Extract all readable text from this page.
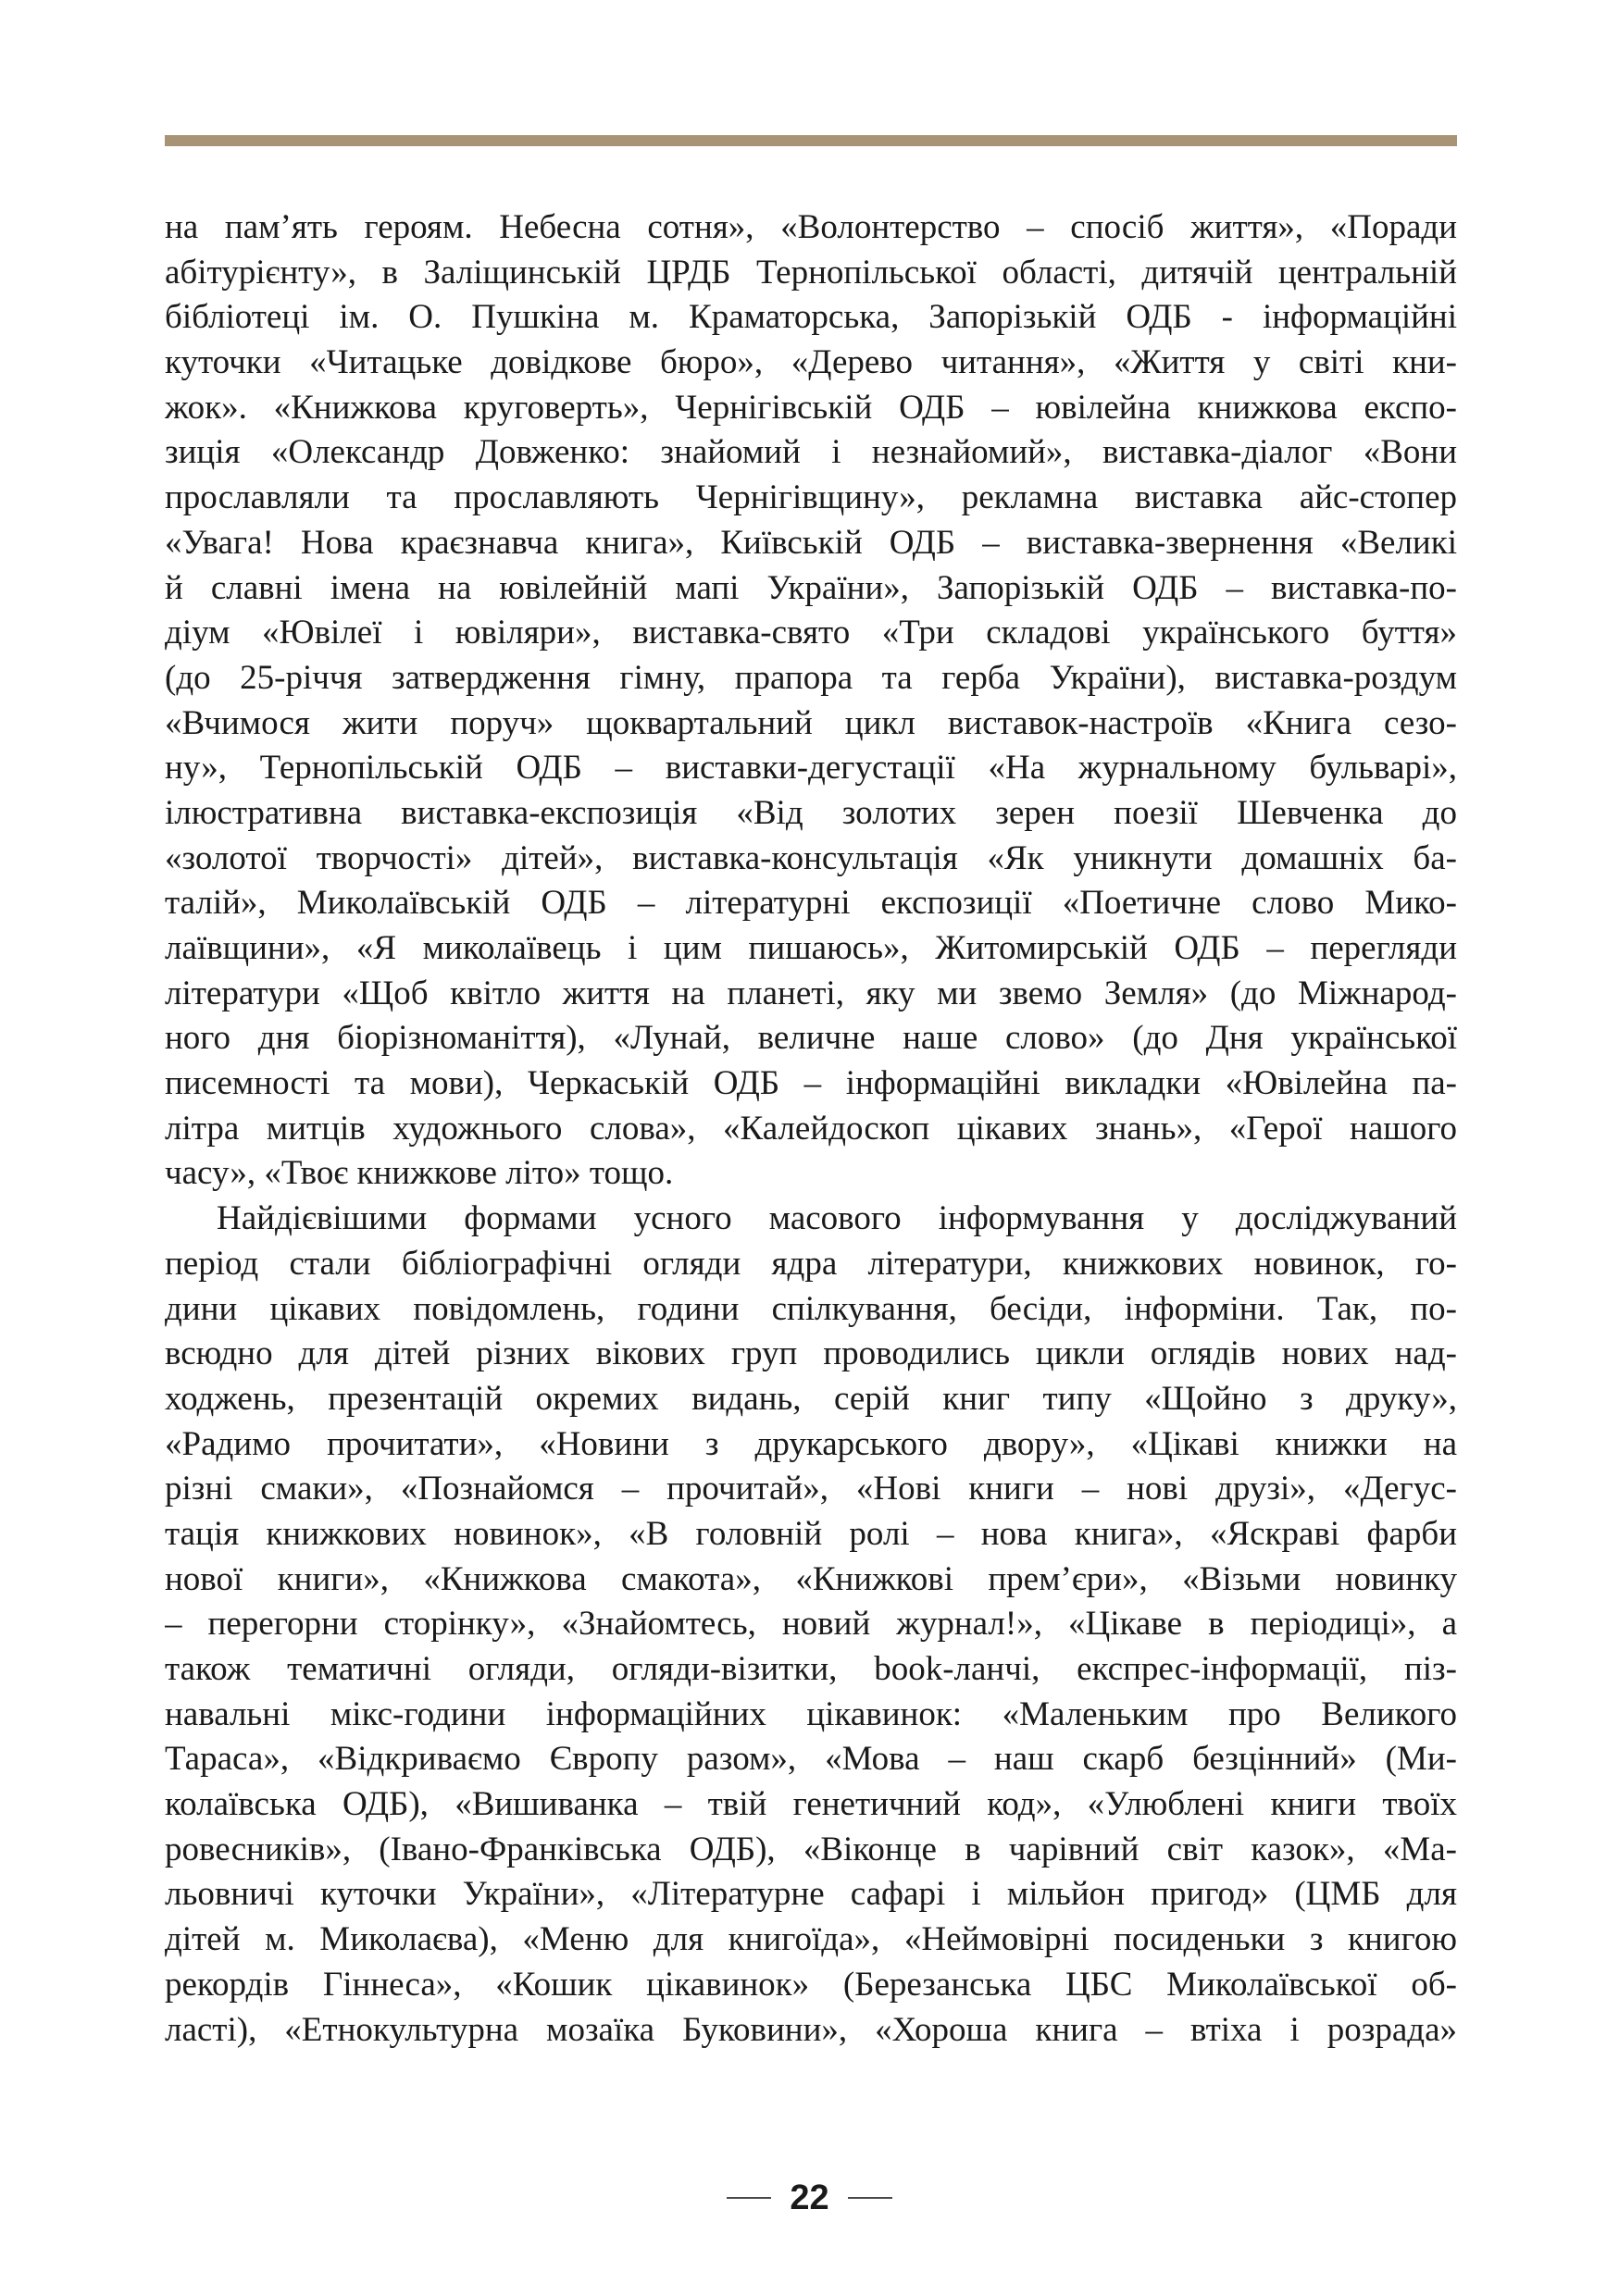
на пам’ять героям. Небесна сотня», «Волонтерство – спосіб життя», «Поради
абітурієнту», в Заліщинській ЦРДБ Тернопільської області, дитячій центральній
бібліотеці ім. О. Пушкіна м. Краматорська, Запорізькій ОДБ - інформаційні
куточки «Читацьке довідкове бюро», «Дерево читання», «Життя у світі кни-
жок». «Книжкова круговерть», Чернігівській ОДБ – ювілейна книжкова експо-
зиція «Олександр Довженко: знайомий і незнайомий», виставка-діалог «Вони
прославляли та прославляють Чернігівщину», рекламна виставка айс-стопер
«Увага! Нова краєзнавча книга», Київській ОДБ – виставка-звернення «Великі
й славні імена на ювілейній мапі України», Запорізькій ОДБ – виставка-по-
діум «Ювілеї і ювіляри», виставка-свято «Три складові українського буття»
(до 25-річчя затвердження гімну, прапора та герба України), виставка-роздум
«Вчимося жити поруч» щоквартальний цикл виставок-настроїв «Книга сезо-
ну», Тернопільській ОДБ – виставки-дегустації «На журнальному бульварі»,
ілюстративна виставка-експозиція «Від золотих зерен поезії Шевченка до
«золотої творчості» дітей», виставка-консультація «Як уникнути домашніх ба-
талій», Миколаївській ОДБ – літературні експозиції «Поетичне слово Мико-
лаївщини», «Я миколаївець і цим пишаюсь», Житомирській ОДБ – перегляди
літератури «Щоб квітло життя на планеті, яку ми звемо Земля» (до Міжнарод-
ного дня біорізноманіття), «Лунай, величне наше слово» (до Дня української
писемності та мови), Черкаській ОДБ – інформаційні викладки «Ювілейна па-
літра митців художнього слова», «Калейдоскоп цікавих знань», «Герої нашого
часу», «Твоє книжкове літо» тощо.
Найдієвішими формами усного масового інформування у досліджуваний
період стали бібліографічні огляди ядра літератури, книжкових новинок, го-
дини цікавих повідомлень, години спілкування, бесіди, інформіни. Так, по-
всюдно для дітей різних вікових груп проводились цикли оглядів нових над-
ходжень, презентацій окремих видань, серій книг типу «Щойно з друку»,
«Радимо прочитати», «Новини з друкарського двору», «Цікаві книжки на
різні смаки», «Познайомся – прочитай», «Нові книги – нові друзі», «Дегус-
тація книжкових новинок», «В головній ролі – нова книга», «Яскраві фарби
нової книги», «Книжкова смакота», «Книжкові прем’єри», «Візьми новинку
– перегорни сторінку», «Знайомтесь, новий журнал!», «Цікаве в періодиці», а
також тематичні огляди, огляди-візитки, book-ланчі, експрес-інформації, піз-
навальні мікс-години інформаційних цікавинок: «Маленьким про Великого
Тараса», «Відкриваємо Європу разом», «Мова – наш скарб безцінний» (Ми-
колаївська ОДБ), «Вишиванка – твій генетичний код», «Улюблені книги твоїх
ровесників», (Івано-Франківська ОДБ), «Віконце в чарівний світ казок», «Ма-
льовничі куточки України», «Літературне сафарі і мільйон пригод» (ЦМБ для
дітей м. Миколаєва), «Меню для книгоїда», «Неймовірні посиденьки з книгою
рекордів Гіннеса», «Кошик цікавинок» (Березанська ЦБС Миколаївської об-
ласті), «Етнокультурна мозаїка Буковини», «Хороша книга – втіха і розрада»
22
